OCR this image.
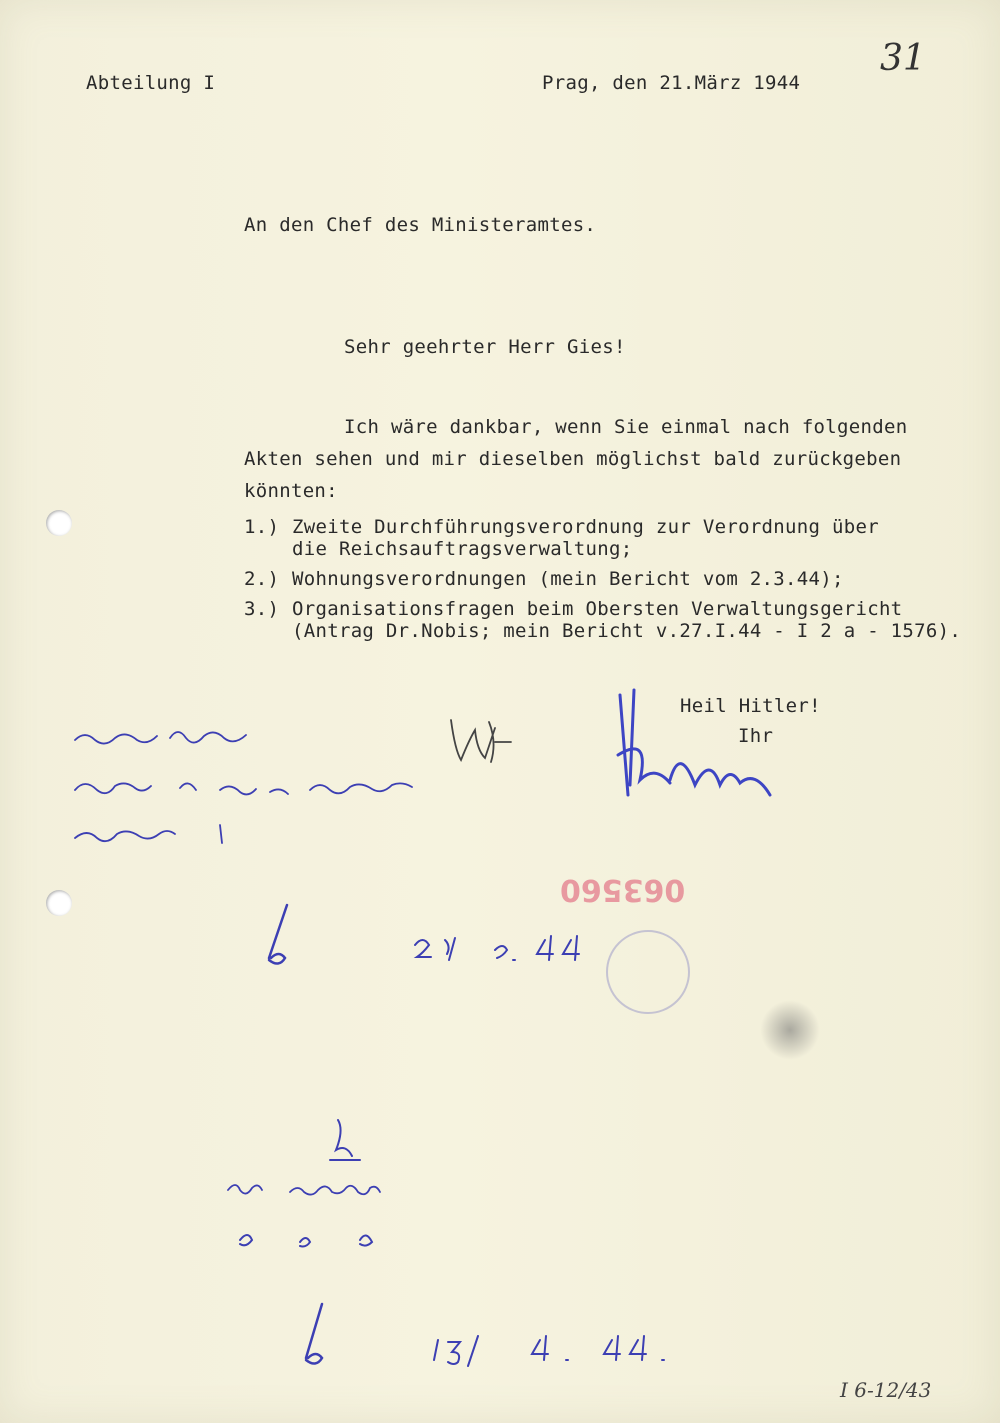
31
Abteilung I	Prag, den 21.März 1944
An den Chef des Ministeramtes.
Sehr geehrter Herr Gies!
Ich wäre dankbar, wenn Sie einmal nach folgenden
Akten sehen und mir dieselben möglichst bald zurückgeben
könnten:
1.) Zweite Durchführungsverordnung zur Verordnung über
die Reichsauftragsverwaltung;
2.) Wohnungsverordnungen (mein Bericht vom 2.3.44);
3.) Organisationsfragen beim Obersten Verwaltungsgericht
(Antrag Dr.Nobis; mein Bericht v.27.I.44 - I 2 a - 1576).
Heil Hitler!
Ihr
063560
I 6-12/43
